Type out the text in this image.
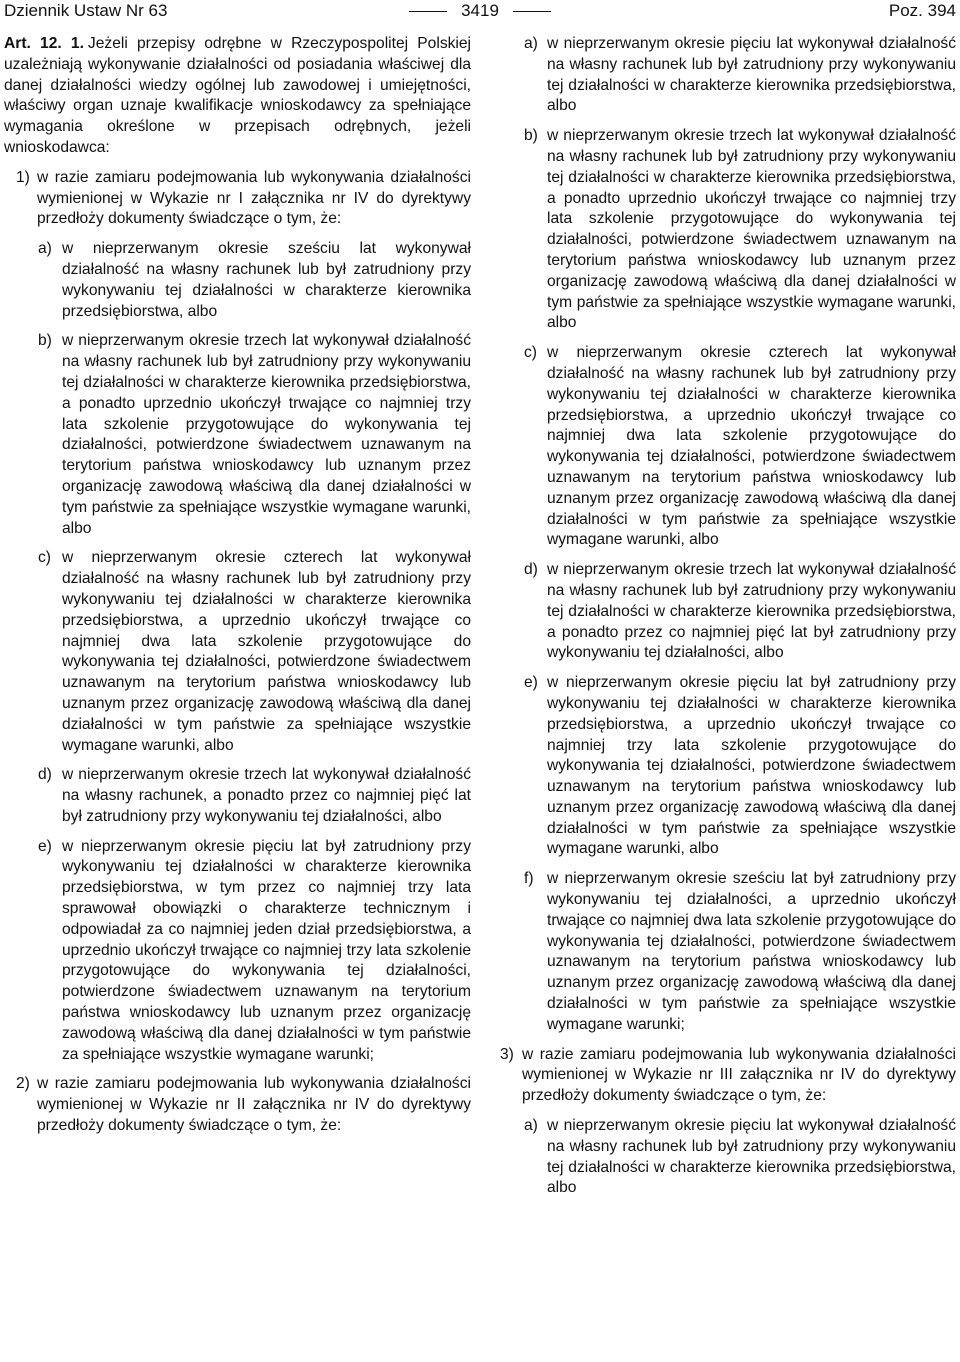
Dziennik Ustaw Nr 63	3419	Poz. 394

Art. 12. 1. Jeżeli przepisy odrębne w Rzeczypospolitej Polskiej uzależniają wykonywanie działalności od posiadania właściwej dla danej działalności wiedzy ogólnej lub zawodowej i umiejętności, właściwy organ uznaje kwalifikacje wnioskodawcy za spełniające wymagania określone w przepisach odrębnych, jeżeli wnioskodawca:

1) w razie zamiaru podejmowania lub wykonywania działalności wymienionej w Wykazie nr I załącznika nr IV do dyrektywy przedłoży dokumenty świadczące o tym, że:

a) w nieprzerwanym okresie sześciu lat wykonywał działalność na własny rachunek lub był zatrudniony przy wykonywaniu tej działalności w charakterze kierownika przedsiębiorstwa, albo

b) w nieprzerwanym okresie trzech lat wykonywał działalność na własny rachunek lub był zatrudniony przy wykonywaniu tej działalności w charakterze kierownika przedsiębiorstwa, a ponadto uprzednio ukończył trwające co najmniej trzy lata szkolenie przygotowujące do wykonywania tej działalności, potwierdzone świadectwem uznawanym na terytorium państwa wnioskodawcy lub uznanym przez organizację zawodową właściwą dla danej działalności w tym państwie za spełniające wszystkie wymagane warunki, albo

c) w nieprzerwanym okresie czterech lat wykonywał działalność na własny rachunek lub był zatrudniony przy wykonywaniu tej działalności w charakterze kierownika przedsiębiorstwa, a uprzednio ukończył trwające co najmniej dwa lata szkolenie przygotowujące do wykonywania tej działalności, potwierdzone świadectwem uznawanym na terytorium państwa wnioskodawcy lub uznanym przez organizację zawodową właściwą dla danej działalności w tym państwie za spełniające wszystkie wymagane warunki, albo

d) w nieprzerwanym okresie trzech lat wykonywał działalność na własny rachunek, a ponadto przez co najmniej pięć lat był zatrudniony przy wykonywaniu tej działalności, albo

e) w nieprzerwanym okresie pięciu lat był zatrudniony przy wykonywaniu tej działalności w charakterze kierownika przedsiębiorstwa, w tym przez co najmniej trzy lata sprawował obowiązki o charakterze technicznym i odpowiadał za co najmniej jeden dział przedsiębiorstwa, a uprzednio ukończył trwające co najmniej trzy lata szkolenie przygotowujące do wykonywania tej działalności, potwierdzone świadectwem uznawanym na terytorium państwa wnioskodawcy lub uznanym przez organizację zawodową właściwą dla danej działalności w tym państwie za spełniające wszystkie wymagane warunki;

2) w razie zamiaru podejmowania lub wykonywania działalności wymienionej w Wykazie nr II załącznika nr IV do dyrektywy przedłoży dokumenty świadczące o tym, że:

a) w nieprzerwanym okresie pięciu lat wykonywał działalność na własny rachunek lub był zatrudniony przy wykonywaniu tej działalności w charakterze kierownika przedsiębiorstwa, albo

b) w nieprzerwanym okresie trzech lat wykonywał działalność na własny rachunek lub był zatrudniony przy wykonywaniu tej działalności w charakterze kierownika przedsiębiorstwa, a ponadto uprzednio ukończył trwające co najmniej trzy lata szkolenie przygotowujące do wykonywania tej działalności, potwierdzone świadectwem uznawanym na terytorium państwa wnioskodawcy lub uznanym przez organizację zawodową właściwą dla danej działalności w tym państwie za spełniające wszystkie wymagane warunki, albo

c) w nieprzerwanym okresie czterech lat wykonywał działalność na własny rachunek lub był zatrudniony przy wykonywaniu tej działalności w charakterze kierownika przedsiębiorstwa, a uprzednio ukończył trwające co najmniej dwa lata szkolenie przygotowujące do wykonywania tej działalności, potwierdzone świadectwem uznawanym na terytorium państwa wnioskodawcy lub uznanym przez organizację zawodową właściwą dla danej działalności w tym państwie za spełniające wszystkie wymagane warunki, albo

d) w nieprzerwanym okresie trzech lat wykonywał działalność na własny rachunek lub był zatrudniony przy wykonywaniu tej działalności w charakterze kierownika przedsiębiorstwa, a ponadto przez co najmniej pięć lat był zatrudniony przy wykonywaniu tej działalności, albo

e) w nieprzerwanym okresie pięciu lat był zatrudniony przy wykonywaniu tej działalności w charakterze kierownika przedsiębiorstwa, a uprzednio ukończył trwające co najmniej trzy lata szkolenie przygotowujące do wykonywania tej działalności, potwierdzone świadectwem uznawanym na terytorium państwa wnioskodawcy lub uznanym przez organizację zawodową właściwą dla danej działalności w tym państwie za spełniające wszystkie wymagane warunki, albo

f) w nieprzerwanym okresie sześciu lat był zatrudniony przy wykonywaniu tej działalności, a uprzednio ukończył trwające co najmniej dwa lata szkolenie przygotowujące do wykonywania tej działalności, potwierdzone świadectwem uznawanym na terytorium państwa wnioskodawcy lub uznanym przez organizację zawodową właściwą dla danej działalności w tym państwie za spełniające wszystkie wymagane warunki;

3) w razie zamiaru podejmowania lub wykonywania działalności wymienionej w Wykazie nr III załącznika nr IV do dyrektywy przedłoży dokumenty świadczące o tym, że:

a) w nieprzerwanym okresie pięciu lat wykonywał działalność na własny rachunek lub był zatrudniony przy wykonywaniu tej działalności w charakterze kierownika przedsiębiorstwa, albo
